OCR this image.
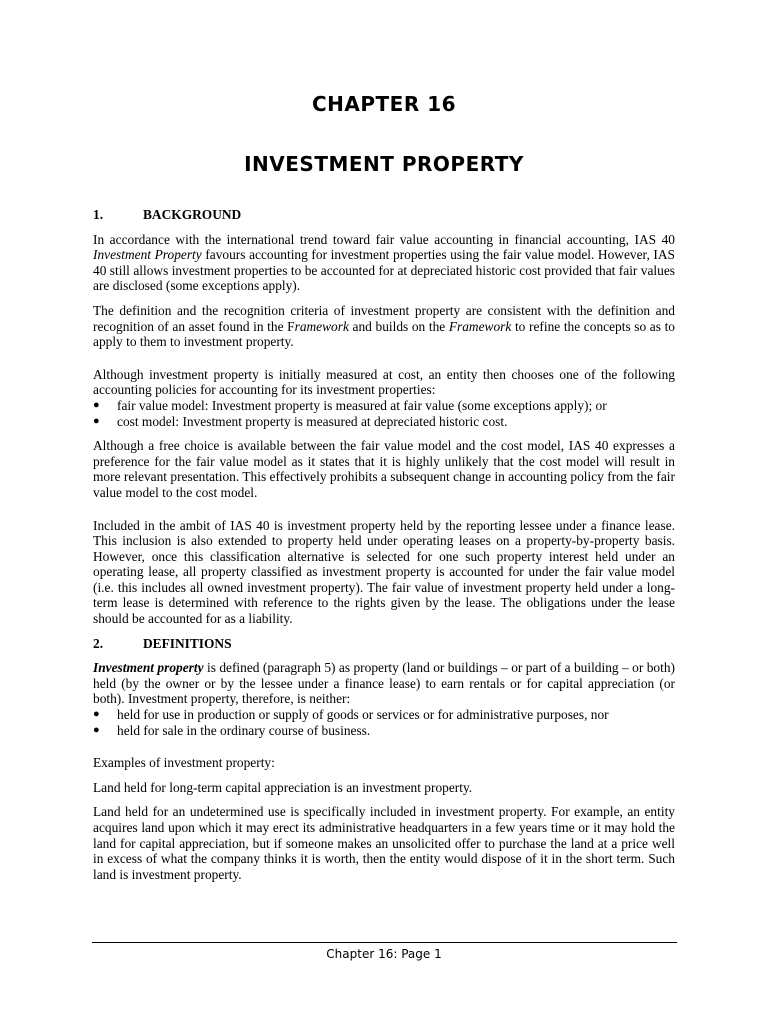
CHAPTER 16
INVESTMENT PROPERTY
1.	BACKGROUND

In accordance with the international trend toward fair value accounting in financial accounting, IAS 40 Investment Property favours accounting for investment properties using the fair value model. However, IAS 40 still allows investment properties to be accounted for at depreciated historic cost provided that fair values are disclosed (some exceptions apply).

The definition and the recognition criteria of investment property are consistent with the definition and recognition of an asset found in the Framework and builds on the Framework to refine the concepts so as to apply to them to investment property.

Although investment property is initially measured at cost, an entity then chooses one of the following accounting policies for accounting for its investment properties:

●	fair value model: Investment property is measured at fair value (some exceptions apply); or
●	cost model: Investment property is measured at depreciated historic cost.

Although a free choice is available between the fair value model and the cost model, IAS 40 expresses a preference for the fair value model as it states that it is highly unlikely that the cost model will result in more relevant presentation. This effectively prohibits a subsequent change in accounting policy from the fair value model to the cost model.

Included in the ambit of IAS 40 is investment property held by the reporting lessee under a finance lease. This inclusion is also extended to property held under operating leases on a property-by-property basis. However, once this classification alternative is selected for one such property interest held under an operating lease, all property classified as investment property is accounted for under the fair value model (i.e. this includes all owned investment property). The fair value of investment property held under a long-term lease is determined with reference to the rights given by the lease. The obligations under the lease should be accounted for as a liability.

2.	DEFINITIONS

Investment property is defined (paragraph 5) as property (land or buildings – or part of a building – or both) held (by the owner or by the lessee under a finance lease) to earn rentals or for capital appreciation (or both). Investment property, therefore, is neither:

●	held for use in production or supply of goods or services or for administrative purposes, nor
●	held for sale in the ordinary course of business.

Examples of investment property:

Land held for long-term capital appreciation is an investment property.

Land held for an undetermined use is specifically included in investment property. For example, an entity acquires land upon which it may erect its administrative headquarters in a few years time or it may hold the land for capital appreciation, but if someone makes an unsolicited offer to purchase the land at a price well in excess of what the company thinks it is worth, then the entity would dispose of it in the short term. Such land is investment property.

Chapter 16: Page 1
